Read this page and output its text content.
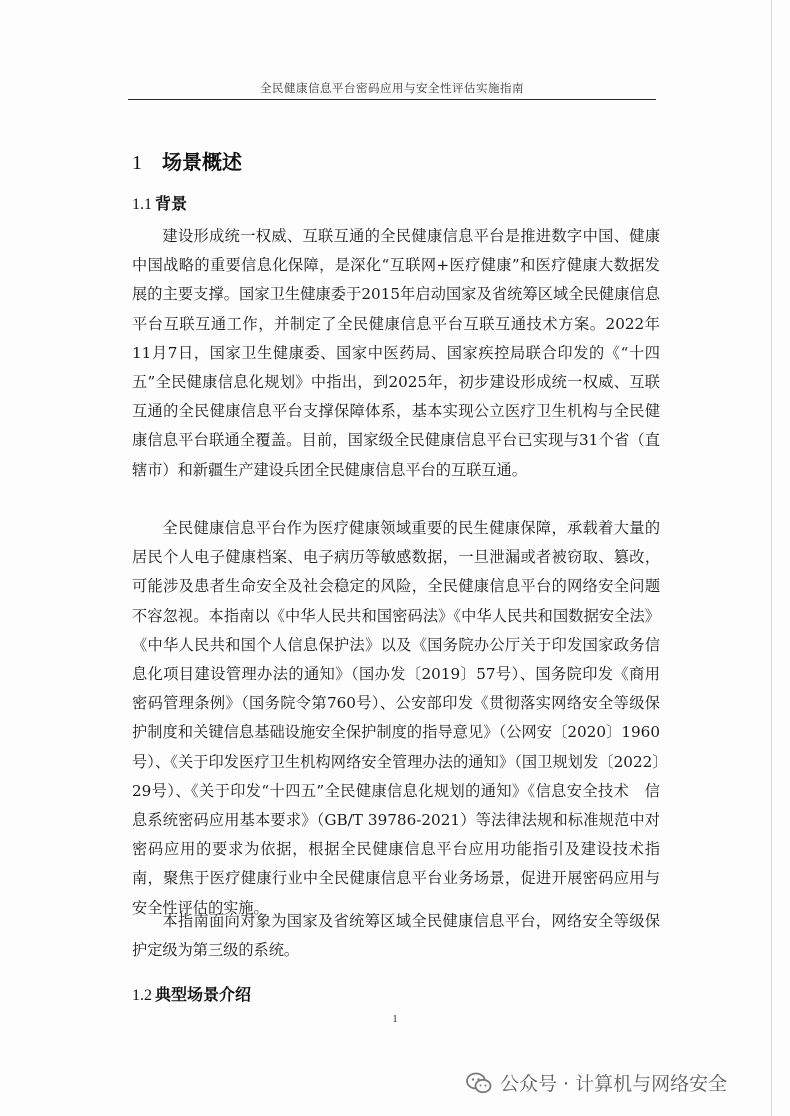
全民健康信息平台密码应用与安全性评估实施指南
1 场景概述
1.1 背景

建设形成统一权威、互联互通的全民健康信息平台是推进数字中国、健康中国战略的重要信息化保障，是深化“互联网+医疗健康”和医疗健康大数据发展的主要支撑。国家卫生健康委于2015年启动国家及省统筹区域全民健康信息平台互联互通工作，并制定了全民健康信息平台互联互通技术方案。2022年11月7日，国家卫生健康委、国家中医药局、国家疾控局联合印发的《“十四五”全民健康信息化规划》中指出，到2025年，初步建设形成统一权威、互联互通的全民健康信息平台支撑保障体系，基本实现公立医疗卫生机构与全民健康信息平台联通全覆盖。目前，国家级全民健康信息平台已实现与31个省（直辖市）和新疆生产建设兵团全民健康信息平台的互联互通。

全民健康信息平台作为医疗健康领域重要的民生健康保障，承载着大量的居民个人电子健康档案、电子病历等敏感数据，一旦泄漏或者被窃取、篡改，可能涉及患者生命安全及社会稳定的风险，全民健康信息平台的网络安全问题不容忽视。本指南以《中华人民共和国密码法》《中华人民共和国数据安全法》《中华人民共和国个人信息保护法》以及《国务院办公厅关于印发国家政务信息化项目建设管理办法的通知》（国办发〔2019〕57号）、国务院印发《商用密码管理条例》（国务院令第760号）、公安部印发《贯彻落实网络安全等级保护制度和关键信息基础设施安全保护制度的指导意见》（公网安〔2020〕1960号）、《关于印发医疗卫生机构网络安全管理办法的通知》（国卫规划发〔2022〕29号）、《关于印发“十四五”全民健康信息化规划的通知》《信息安全技术　信息系统密码应用基本要求》（GB/T 39786-2021）等法律法规和标准规范中对密码应用的要求为依据，根据全民健康信息平台应用功能指引及建设技术指南，聚焦于医疗健康行业中全民健康信息平台业务场景，促进开展密码应用与安全性评估的实施。

本指南面向对象为国家及省统筹区域全民健康信息平台，网络安全等级保护定级为第三级的系统。

1.2 典型场景介绍
1
公众号 · 计算机与网络安全
